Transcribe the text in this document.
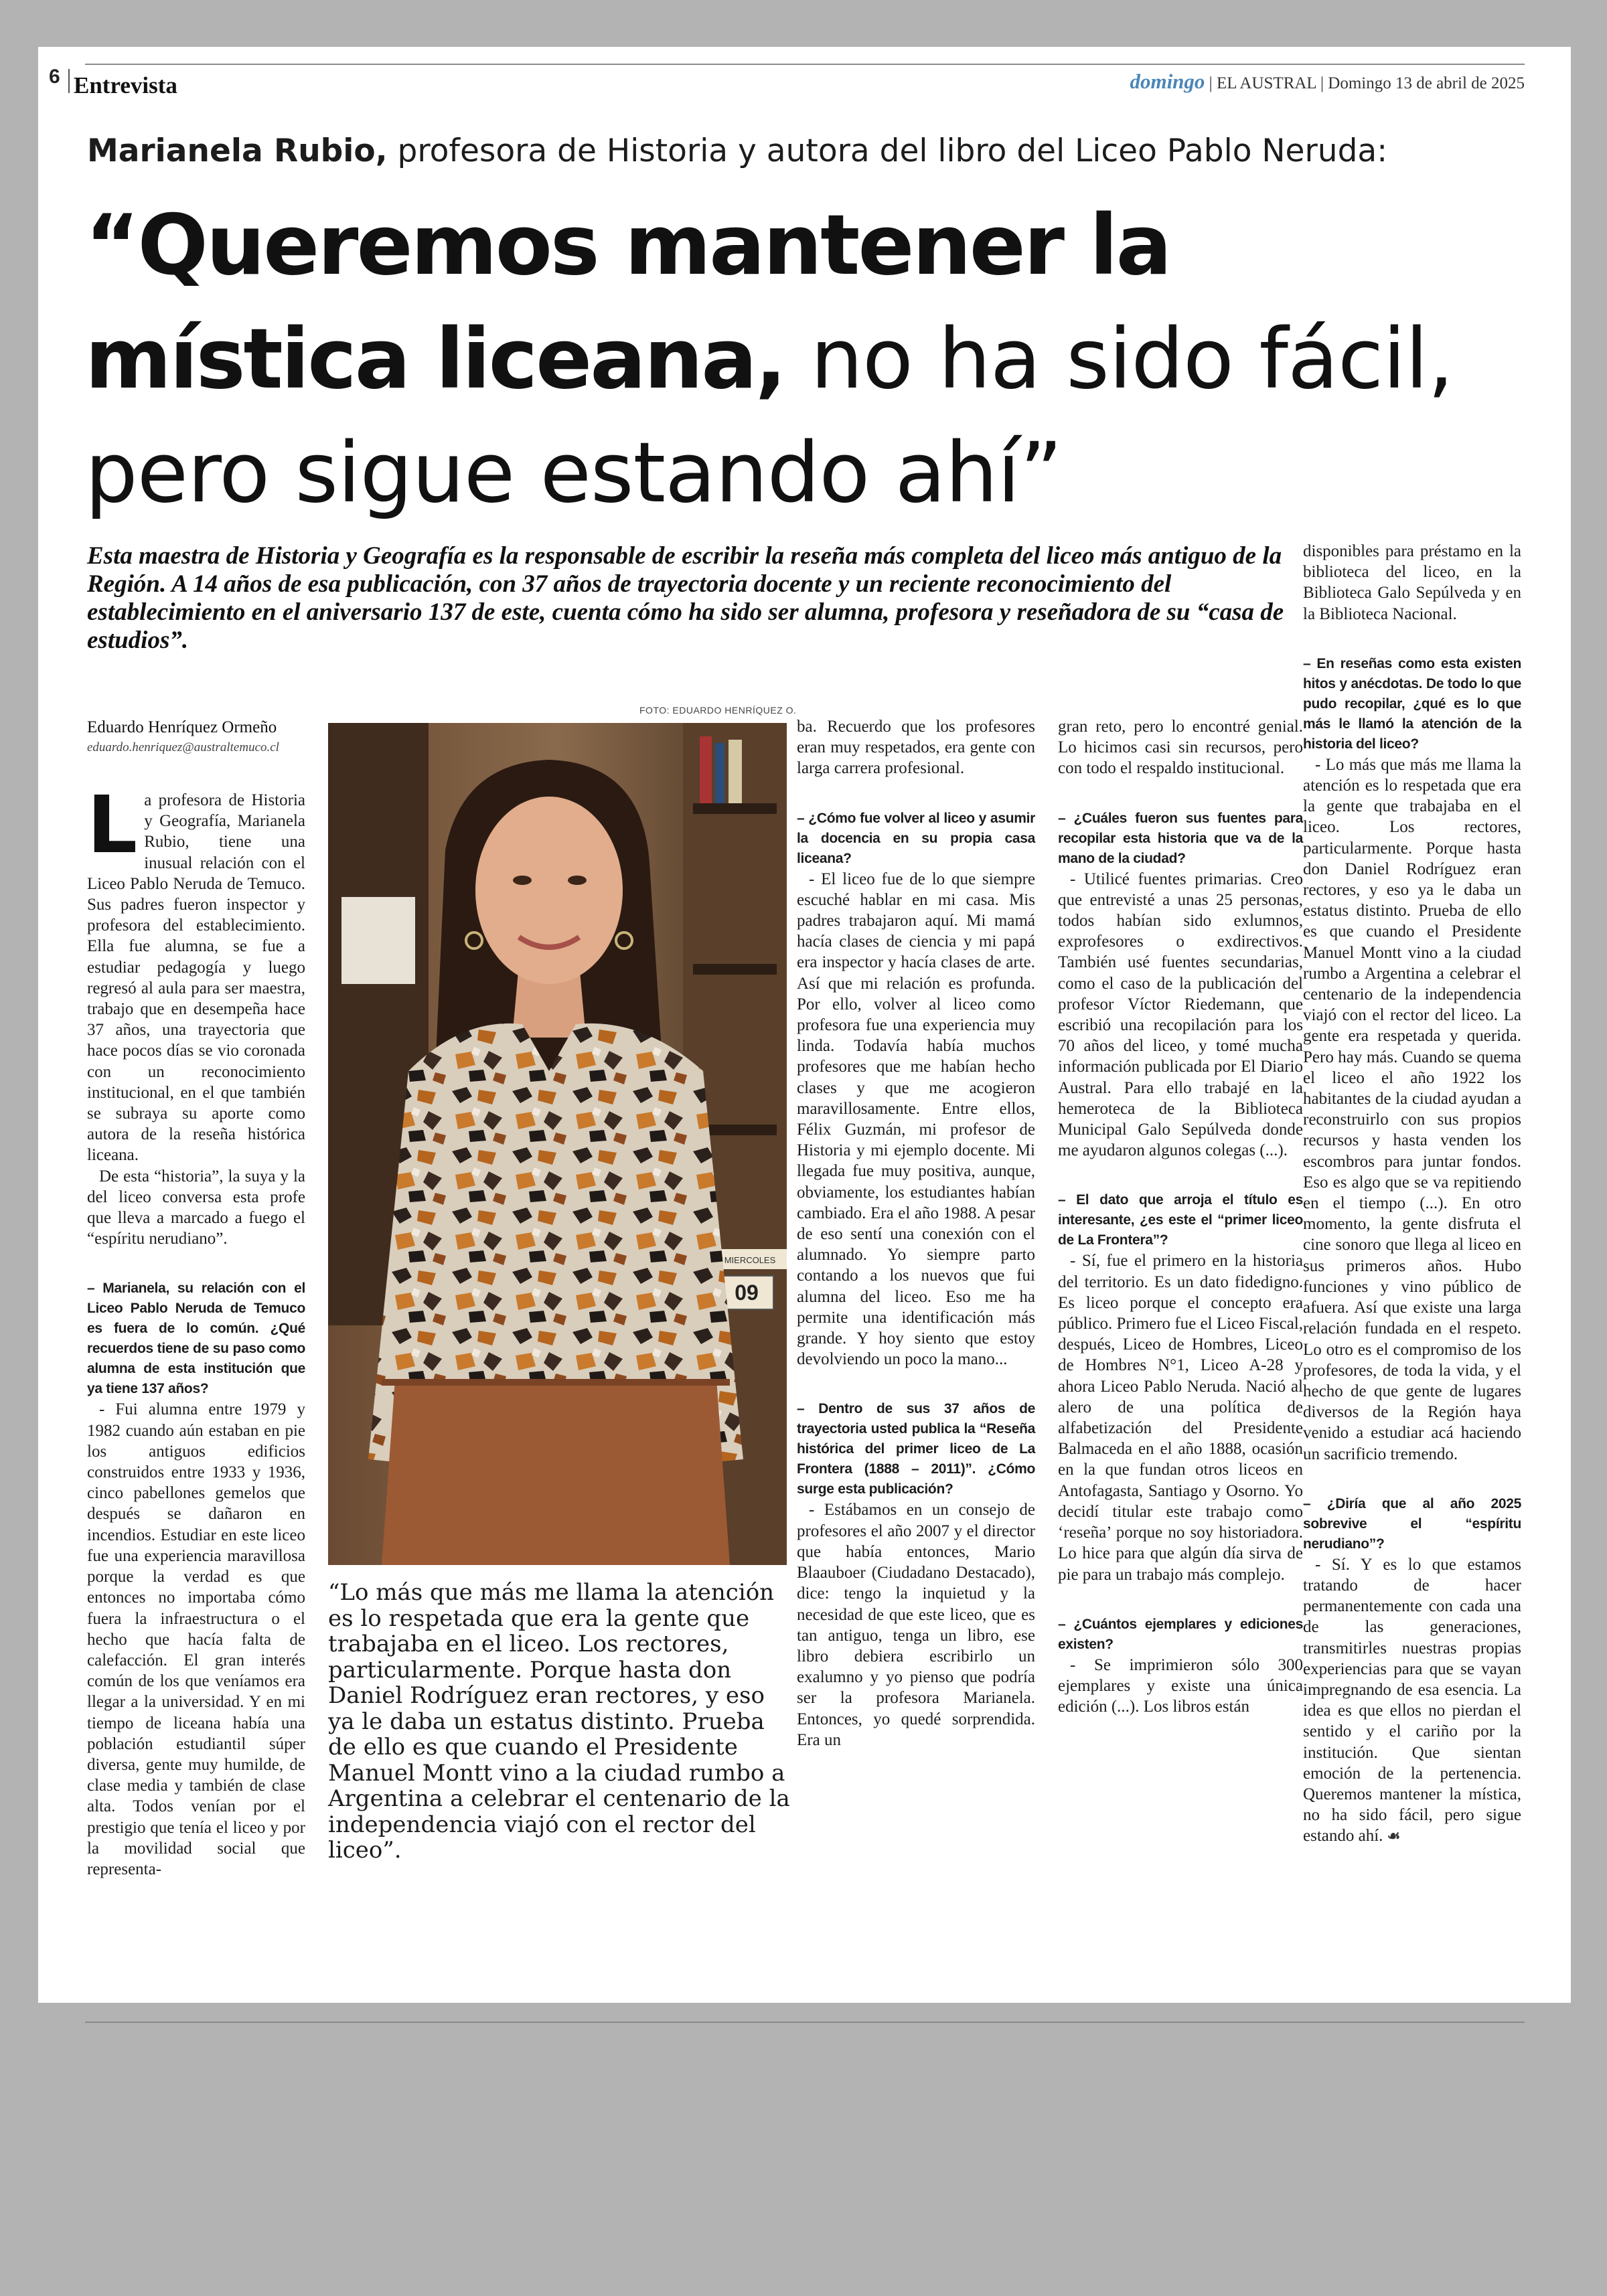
6 Entrevista	domingo | EL AUSTRAL | Domingo 13 de abril de 2025
Marianela Rubio, profesora de Historia y autora del libro del Liceo Pablo Neruda:
“Queremos mantener la
mística liceana, no ha sido fácil,
pero sigue estando ahí”
Esta maestra de Historia y Geografía es la responsable de escribir la reseña más completa del liceo más antiguo de la Región. A 14 años de esa publicación, con 37 años de trayectoria docente y un reciente reconocimiento del establecimiento en el aniversario 137 de este, cuenta cómo ha sido ser alumna, profesora y reseñadora de su “casa de estudios”.
Eduardo Henríquez Ormeño
eduardo.henriquez@australtemuco.cl

La profesora de Historia y Geografía, Marianela Rubio, tiene una inusual relación con el Liceo Pablo Neruda de Temuco. Sus padres fueron inspector y profesora del establecimiento. Ella fue alumna, se fue a estudiar pedagogía y luego regresó al aula para ser maestra, trabajo que en desempeña hace 37 años, una trayectoria que hace pocos días se vio coronada con un reconocimiento institucional, en el que también se subraya su aporte como autora de la reseña histórica liceana.

De esta “historia”, la suya y la del liceo conversa esta profe que lleva a marcado a fuego el “espíritu nerudiano”.

– Marianela, su relación con el Liceo Pablo Neruda de Temuco es fuera de lo común. ¿Qué recuerdos tiene de su paso como alumna de esta institución que ya tiene 137 años?

- Fui alumna entre 1979 y 1982 cuando aún estaban en pie los antiguos edificios construidos entre 1933 y 1936, cinco pabellones gemelos que después se dañaron en incendios. Estudiar en este liceo fue una experiencia maravillosa porque la verdad es que entonces no importaba cómo fuera la infraestructura o el hecho que hacía falta de calefacción. El gran interés común de los que veníamos era llegar a la universidad. Y en mi tiempo de liceana había una población estudiantil súper diversa, gente muy humilde, de clase media y también de clase alta. Todos venían por el prestigio que tenía el liceo y por la movilidad social que representa-

FOTO: EDUARDO HENRÍQUEZ O.
MIERCOLES
09
“Lo más que más me llama la atención es lo respetada que era la gente que trabajaba en el liceo. Los rectores, particularmente. Porque hasta don Daniel Rodríguez eran rectores, y eso ya le daba un estatus distinto. Prueba de ello es que cuando el Presidente Manuel Montt vino a la ciudad rumbo a Argentina a celebrar el centenario de la independencia viajó con el rector del liceo”.

ba. Recuerdo que los profesores eran muy respetados, era gente con larga carrera profesional.

– ¿Cómo fue volver al liceo y asumir la docencia en su propia casa liceana?

- El liceo fue de lo que siempre escuché hablar en mi casa. Mis padres trabajaron aquí. Mi mamá hacía clases de ciencia y mi papá era inspector y hacía clases de arte. Así que mi relación es profunda. Por ello, volver al liceo como profesora fue una experiencia muy linda. Todavía había muchos profesores que me habían hecho clases y que me acogieron maravillosamente. Entre ellos, Félix Guzmán, mi profesor de Historia y mi ejemplo docente. Mi llegada fue muy positiva, aunque, obviamente, los estudiantes habían cambiado. Era el año 1988. A pesar de eso sentí una conexión con el alumnado. Yo siempre parto contando a los nuevos que fui alumna del liceo. Eso me ha permite una identificación más grande. Y hoy siento que estoy devolviendo un poco la mano...

– Dentro de sus 37 años de trayectoria usted publica la “Reseña histórica del primer liceo de La Frontera (1888 – 2011)”. ¿Cómo surge esta publicación?

- Estábamos en un consejo de profesores el año 2007 y el director que había entonces, Mario Blaauboer (Ciudadano Destacado), dice: tengo la inquietud y la necesidad de que este liceo, que es tan antiguo, tenga un libro, ese libro debiera escribirlo un exalumno y yo pienso que podría ser la profesora Marianela. Entonces, yo quedé sorprendida. Era un

gran reto, pero lo encontré genial. Lo hicimos casi sin recursos, pero con todo el respaldo institucional.

– ¿Cuáles fueron sus fuentes para recopilar esta historia que va de la mano de la ciudad?

- Utilicé fuentes primarias. Creo que entrevisté a unas 25 personas, todos habían sido exlumnos, exprofesores o exdirectivos. También usé fuentes secundarias, como el caso de la publicación del profesor Víctor Riedemann, que escribió una recopilación para los 70 años del liceo, y tomé mucha información publicada por El Diario Austral. Para ello trabajé en la hemeroteca de la Biblioteca Municipal Galo Sepúlveda donde me ayudaron algunos colegas (...).

– El dato que arroja el título es interesante, ¿es este el “primer liceo de La Frontera”?

- Sí, fue el primero en la historia del territorio. Es un dato fidedigno. Es liceo porque el concepto era público. Primero fue el Liceo Fiscal, después, Liceo de Hombres, Liceo de Hombres N°1, Liceo A-28 y ahora Liceo Pablo Neruda. Nació al alero de una política de alfabetización del Presidente Balmaceda en el año 1888, ocasión en la que fundan otros liceos en Antofagasta, Santiago y Osorno. Yo decidí titular este trabajo como ‘reseña’ porque no soy historiadora. Lo hice para que algún día sirva de pie para un trabajo más complejo.

– ¿Cuántos ejemplares y ediciones existen?

- Se imprimieron sólo 300 ejemplares y existe una única edición (...). Los libros están

disponibles para préstamo en la biblioteca del liceo, en la Biblioteca Galo Sepúlveda y en la Biblioteca Nacional.

– En reseñas como esta existen hitos y anécdotas. De todo lo que pudo recopilar, ¿qué es lo que más le llamó la atención de la historia del liceo?

- Lo más que más me llama la atención es lo respetada que era la gente que trabajaba en el liceo. Los rectores, particularmente. Porque hasta don Daniel Rodríguez eran rectores, y eso ya le daba un estatus distinto. Prueba de ello es que cuando el Presidente Manuel Montt vino a la ciudad rumbo a Argentina a celebrar el centenario de la independencia viajó con el rector del liceo. La gente era respetada y querida. Pero hay más. Cuando se quema el liceo el año 1922 los habitantes de la ciudad ayudan a reconstruirlo con sus propios recursos y hasta venden los escombros para juntar fondos. Eso es algo que se va repitiendo en el tiempo (...). En otro momento, la gente disfruta el cine sonoro que llega al liceo en sus primeros años. Hubo funciones y vino público de afuera. Así que existe una larga relación fundada en el respeto. Lo otro es el compromiso de los profesores, de toda la vida, y el hecho de que gente de lugares diversos de la Región haya venido a estudiar acá haciendo un sacrificio tremendo.

– ¿Diría que al año 2025 sobrevive el “espíritu nerudiano”?

- Sí. Y es lo que estamos tratando de hacer permanentemente con cada una de las generaciones, transmitirles nuestras propias experiencias para que se vayan impregnando de esa esencia. La idea es que ellos no pierdan el sentido y el cariño por la institución. Que sientan emoción de la pertenencia. Queremos mantener la mística, no ha sido fácil, pero sigue estando ahí. ☙
